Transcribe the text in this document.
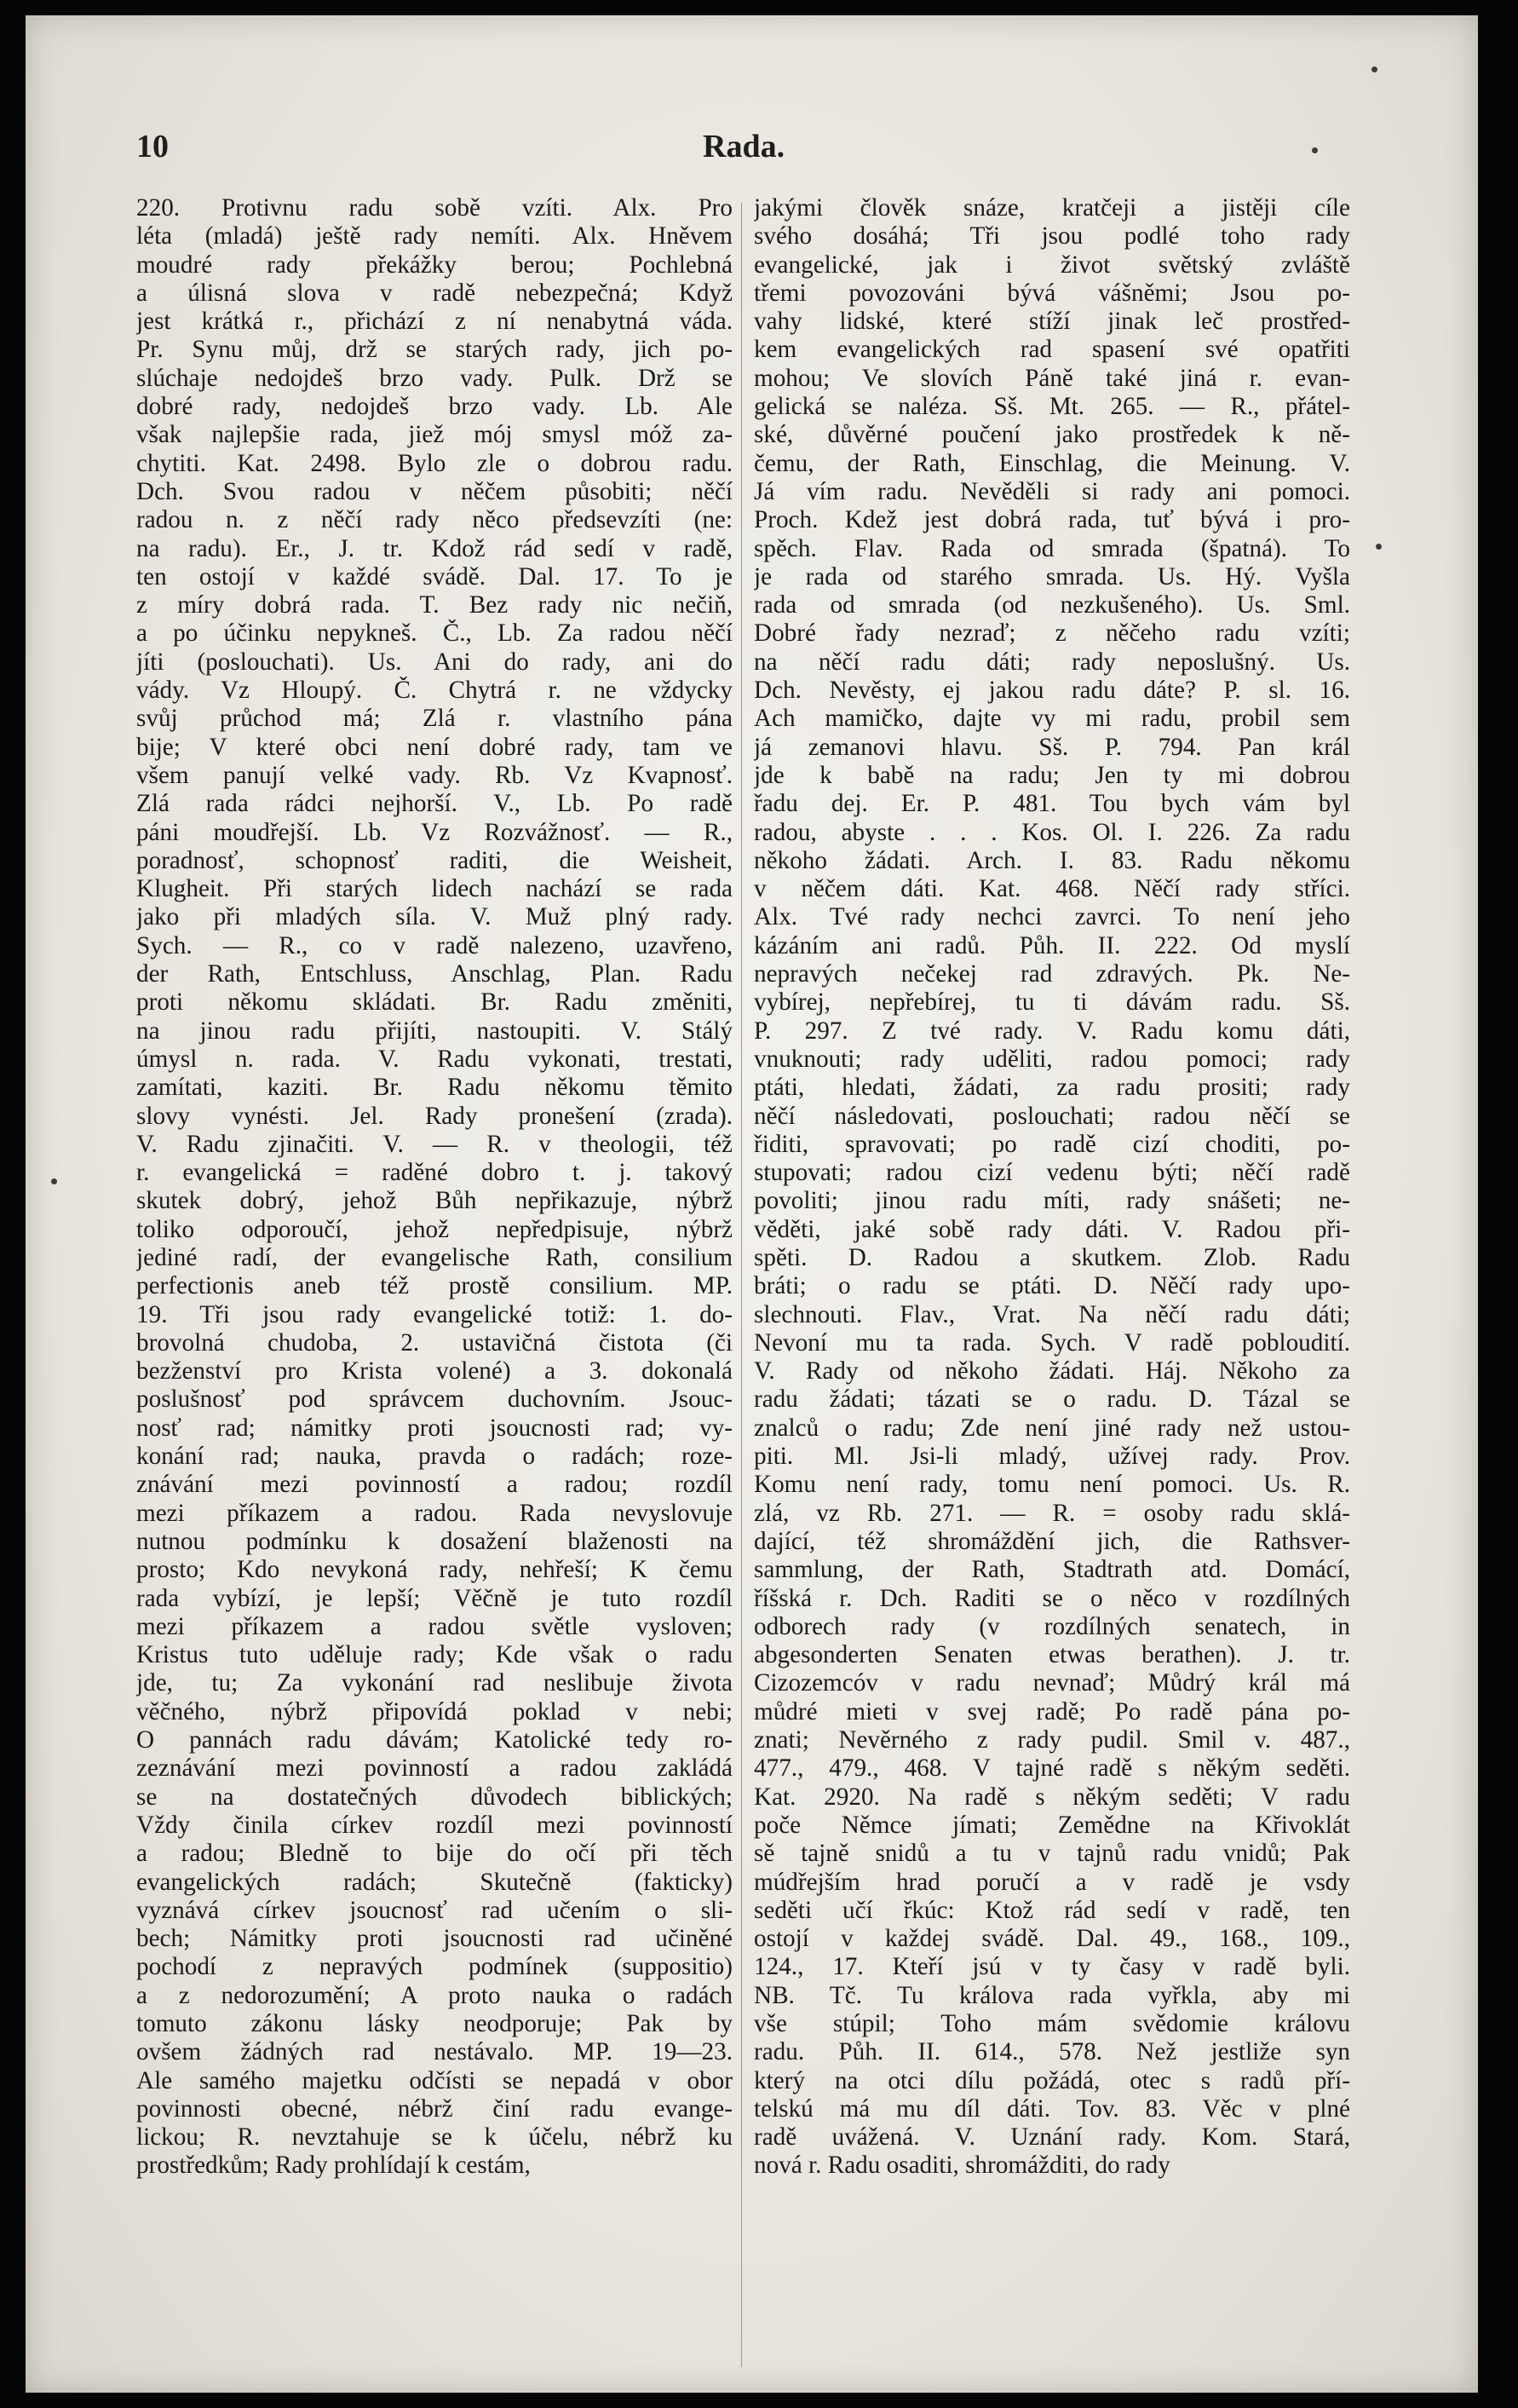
10	Rada.
220. Protivnu radu sobě vzíti. Alx. Pro
léta (mladá) ještě rady nemíti. Alx. Hněvem
moudré rady překážky berou; Pochlebná
a úlisná slova v radě nebezpečná; Když
jest krátká r., přichází z ní nenabytná váda.
Pr. Synu můj, drž se starých rady, jich po-
slúchaje nedojdeš brzo vady. Pulk. Drž se
dobré rady, nedojdeš brzo vady. Lb. Ale
však najlepšie rada, jiež mój smysl móž za-
chytiti. Kat. 2498. Bylo zle o dobrou radu.
Dch. Svou radou v něčem působiti; něčí
radou n. z něčí rady něco předsevzíti (ne:
na radu). Er., J. tr. Kdož rád sedí v radě,
ten ostojí v každé svádě. Dal. 17. To je
z míry dobrá rada. T. Bez rady nic nečiň,
a po účinku nepykneš. Č., Lb. Za radou něčí
jíti (poslouchati). Us. Ani do rady, ani do
vády. Vz Hloupý. Č. Chytrá r. ne vždycky
svůj průchod má; Zlá r. vlastního pána
bije; V které obci není dobré rady, tam ve
všem panují velké vady. Rb. Vz Kvapnosť.
Zlá rada rádci nejhorší. V., Lb. Po radě
páni moudřejší. Lb. Vz Rozvážnosť. — R.,
poradnosť, schopnosť raditi, die Weisheit,
Klugheit. Při starých lidech nachází se rada
jako při mladých síla. V. Muž plný rady.
Sych. — R., co v radě nalezeno, uzavřeno,
der Rath, Entschluss, Anschlag, Plan. Radu
proti někomu skládati. Br. Radu změniti,
na jinou radu přijíti, nastoupiti. V. Stálý
úmysl n. rada. V. Radu vykonati, trestati,
zamítati, kaziti. Br. Radu někomu těmito
slovy vynésti. Jel. Rady pronešení (zrada).
V. Radu zjinačiti. V. — R. v theologii, též
r. evangelická = raděné dobro t. j. takový
skutek dobrý, jehož Bůh nepřikazuje, nýbrž
toliko odporoučí, jehož nepředpisuje, nýbrž
jediné radí, der evangelische Rath, consilium
perfectionis aneb též prostě consilium. MP.
19. Tři jsou rady evangelické totiž: 1. do-
brovolná chudoba, 2. ustavičná čistota (či
bezženství pro Krista volené) a 3. dokonalá
poslušnosť pod správcem duchovním. Jsouc-
nosť rad; námitky proti jsoucnosti rad; vy-
konání rad; nauka, pravda o radách; roze-
znávání mezi povinností a radou; rozdíl
mezi příkazem a radou. Rada nevyslovuje
nutnou podmínku k dosažení blaženosti na
prosto; Kdo nevykoná rady, nehřeší; K čemu
rada vybízí, je lepší; Věčně je tuto rozdíl
mezi příkazem a radou světle vysloven;
Kristus tuto uděluje rady; Kde však o radu
jde, tu; Za vykonání rad neslibuje života
věčného, nýbrž připovídá poklad v nebi;
O pannách radu dávám; Katolické tedy ro-
zeznávání mezi povinností a radou zakládá
se na dostatečných důvodech biblických;
Vždy činila církev rozdíl mezi povinností
a radou; Bledně to bije do očí při těch
evangelických radách; Skutečně (fakticky)
vyznává církev jsoucnosť rad učením o sli-
bech; Námitky proti jsoucnosti rad učiněné
pochodí z nepravých podmínek (suppositio)
a z nedorozumění; A proto nauka o radách
tomuto zákonu lásky neodporuje; Pak by
ovšem žádných rad nestávalo. MP. 19—23.
Ale samého majetku odčísti se nepadá v obor
povinnosti obecné, nébrž činí radu evange-
lickou; R. nevztahuje se k účelu, nébrž ku
prostředkům; Rady prohlídají k cestám,
jakými člověk snáze, kratčeji a jistěji cíle
svého dosáhá; Tři jsou podlé toho rady
evangelické, jak i život světský zvláště
třemi povozováni bývá vášněmi; Jsou po-
vahy lidské, které stíží jinak leč prostřed-
kem evangelických rad spasení své opatřiti
mohou; Ve slovích Páně také jiná r. evan-
gelická se naléza. Sš. Mt. 265. — R., přátel-
ské, důvěrné poučení jako prostředek k ně-
čemu, der Rath, Einschlag, die Meinung. V.
Já vím radu. Nevěděli si rady ani pomoci.
Proch. Kdež jest dobrá rada, tuť bývá i pro-
spěch. Flav. Rada od smrada (špatná). To
je rada od starého smrada. Us. Hý. Vyšla
rada od smrada (od nezkušeného). Us. Sml.
Dobré řady nezraď; z něčeho radu vzíti;
na něčí radu dáti; rady neposlušný. Us.
Dch. Nevěsty, ej jakou radu dáte? P. sl. 16.
Ach mamičko, dajte vy mi radu, probil sem
já zemanovi hlavu. Sš. P. 794. Pan král
jde k babě na radu; Jen ty mi dobrou
řadu dej. Er. P. 481. Tou bych vám byl
radou, abyste . . . Kos. Ol. I. 226. Za radu
někoho žádati. Arch. I. 83. Radu někomu
v něčem dáti. Kat. 468. Něčí rady stříci.
Alx. Tvé rady nechci zavrci. To není jeho
kázáním ani radů. Půh. II. 222. Od myslí
nepravých nečekej rad zdravých. Pk. Ne-
vybírej, nepřebírej, tu ti dávám radu. Sš.
P. 297. Z tvé rady. V. Radu komu dáti,
vnuknouti; rady uděliti, radou pomoci; rady
ptáti, hledati, žádati, za radu prositi; rady
něčí následovati, poslouchati; radou něčí se
řiditi, spravovati; po radě cizí choditi, po-
stupovati; radou cizí vedenu býti; něčí radě
povoliti; jinou radu míti, rady snášeti; ne-
věděti, jaké sobě rady dáti. V. Radou při-
spěti. D. Radou a skutkem. Zlob. Radu
bráti; o radu se ptáti. D. Něčí rady upo-
slechnouti. Flav., Vrat. Na něčí radu dáti;
Nevoní mu ta rada. Sych. V radě pobloudití.
V. Rady od někoho žádati. Háj. Někoho za
radu žádati; tázati se o radu. D. Tázal se
znalců o radu; Zde není jiné rady než ustou-
piti. Ml. Jsi-li mladý, užívej rady. Prov.
Komu není rady, tomu není pomoci. Us. R.
zlá, vz Rb. 271. — R. = osoby radu sklá-
dající, též shromáždění jich, die Rathsver-
sammlung, der Rath, Stadtrath atd. Domácí,
říšská r. Dch. Raditi se o něco v rozdílných
odborech rady (v rozdílných senatech, in
abgesonderten Senaten etwas berathen). J. tr.
Cizozemcóv v radu nevnaď; Můdrý král má
můdré mieti v svej radě; Po radě pána po-
znati; Nevěrného z rady pudil. Smil v. 487.,
477., 479., 468. V tajné radě s někým seděti.
Kat. 2920. Na radě s někým seděti; V radu
poče Němce jímati; Zemědne na Křivoklát
sě tajně snidů a tu v tajnů radu vnidů; Pak
múdřejším hrad poručí a v radě je vsdy
seděti učí řkúc: Ktož rád sedí v radě, ten
ostojí v každej svádě. Dal. 49., 168., 109.,
124., 17. Kteří jsú v ty časy v radě byli.
NB. Tč. Tu králova rada vyřkla, aby mi
vše stúpil; Toho mám svědomie královu
radu. Půh. II. 614., 578. Než jestliže syn
který na otci dílu požádá, otec s radů pří-
telskú má mu díl dáti. Tov. 83. Věc v plné
radě uvážená. V. Uznání rady. Kom. Stará,
nová r. Radu osaditi, shromážditi, do rady
